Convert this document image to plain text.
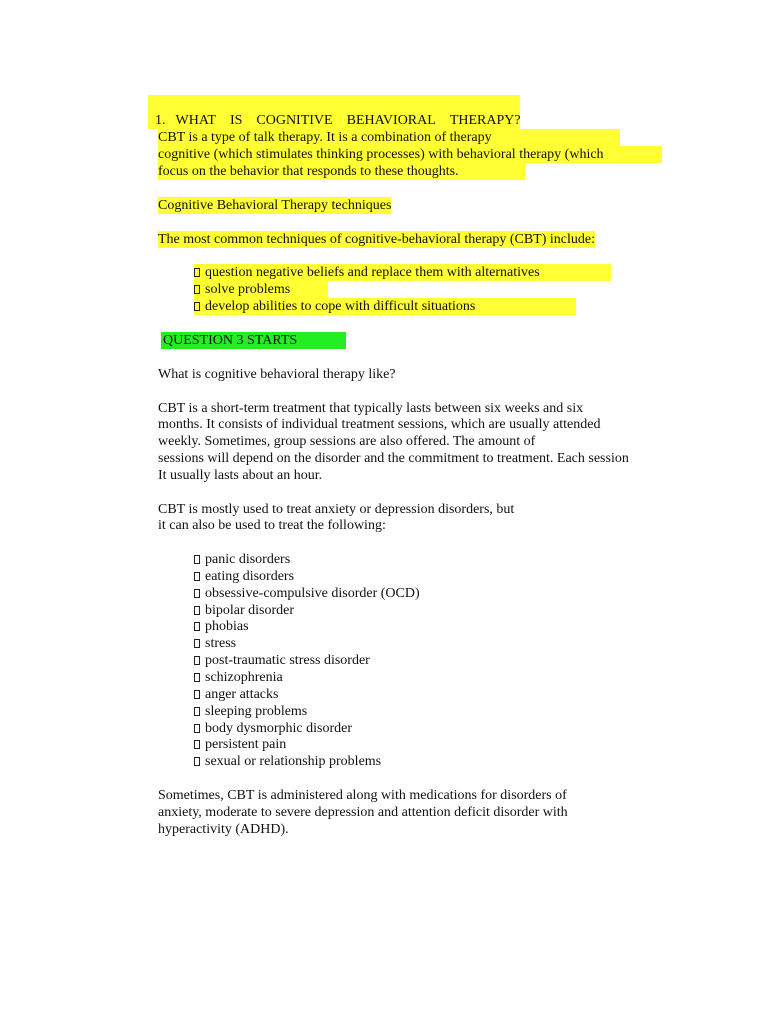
1. WHAT IS COGNITIVE BEHAVIORAL THERAPY?

CBT is a type of talk therapy. It is a combination of therapy
cognitive (which stimulates thinking processes) with behavioral therapy (which
focus on the behavior that responds to these thoughts.
Cognitive Behavioral Therapy techniques
The most common techniques of cognitive-behavioral therapy (CBT) include:
question negative beliefs and replace them with alternatives
solve problems
develop abilities to cope with difficult situations
QUESTION 3 STARTS
What is cognitive behavioral therapy like?
CBT is a short-term treatment that typically lasts between six weeks and six
months. It consists of individual treatment sessions, which are usually attended
weekly. Sometimes, group sessions are also offered. The amount of
sessions will depend on the disorder and the commitment to treatment. Each session
It usually lasts about an hour.
CBT is mostly used to treat anxiety or depression disorders, but
it can also be used to treat the following:
panic disorders
eating disorders
obsessive-compulsive disorder (OCD)
bipolar disorder
phobias
stress
post-traumatic stress disorder
schizophrenia
anger attacks
sleeping problems
body dysmorphic disorder
persistent pain
sexual or relationship problems
Sometimes, CBT is administered along with medications for disorders of
anxiety, moderate to severe depression and attention deficit disorder with
hyperactivity (ADHD).
